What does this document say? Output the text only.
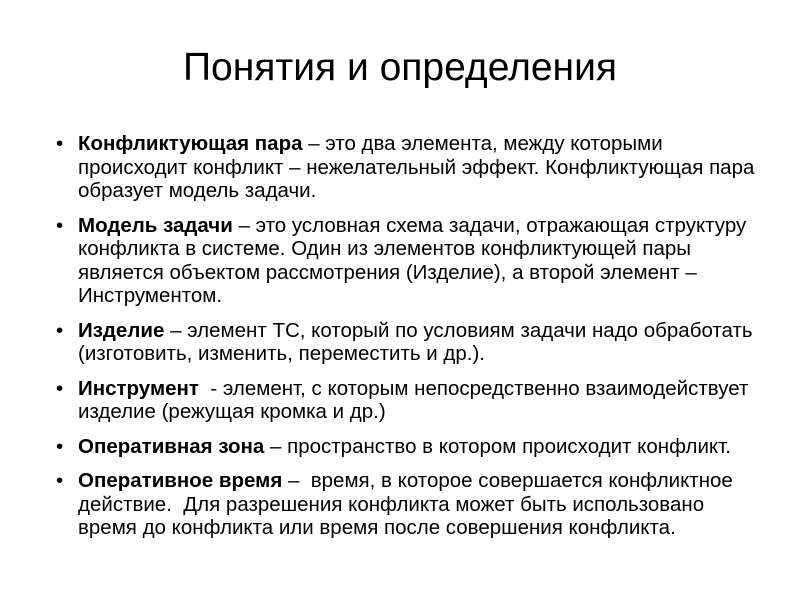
Понятия и определения
• Конфликтующая пара – это два элемента, между которыми происходит конфликт – нежелательный эффект. Конфликтующая пара образует модель задачи.
• Модель задачи – это условная схема задачи, отражающая структуру конфликта в системе. Один из элементов конфликтующей пары является объектом рассмотрения (Изделие), а второй элемент – Инструментом.
• Изделие – элемент ТС, который по условиям задачи надо обработать (изготовить, изменить, переместить и др.).
• Инструмент  - элемент, с которым непосредственно взаимодействует изделие (режущая кромка и др.)
• Оперативная зона – пространство в котором происходит конфликт.
• Оперативное время –  время, в которое совершается конфликтное действие.  Для разрешения конфликта может быть использовано время до конфликта или время после совершения конфликта.
